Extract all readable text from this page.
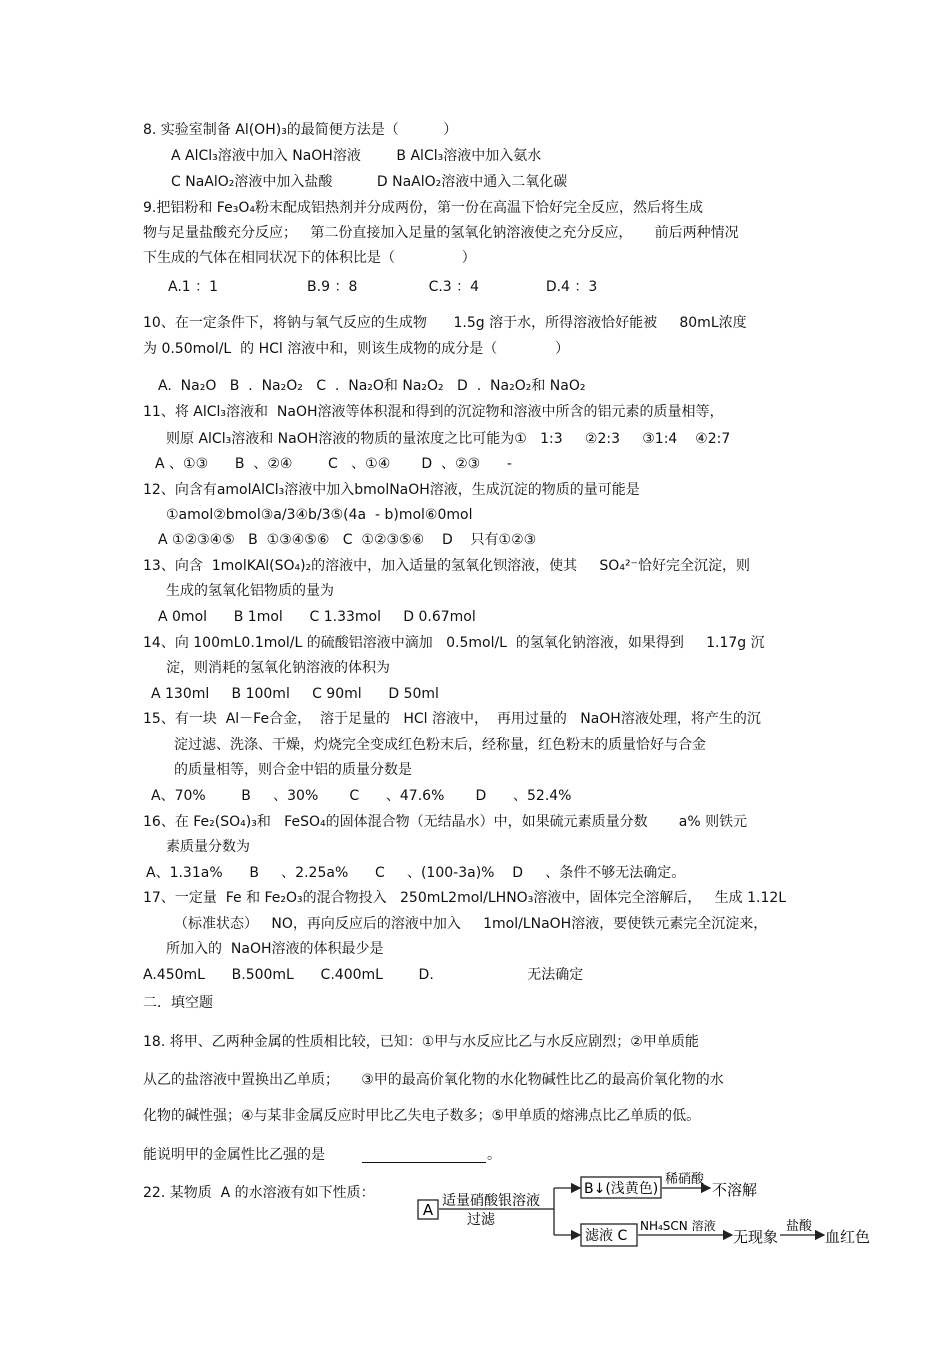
8. 实验室制备 Al(OH)₃的最简便方法是（          ）
A AlCl₃溶液中加入 NaOH溶液        B AlCl₃溶液中加入氨水
C NaAlO₂溶液中加入盐酸          D NaAlO₂溶液中通入二氧化碳
9.把铝粉和 Fe₃O₄粉末配成铝热剂并分成两份，第一份在高温下恰好完全反应，然后将生成
物与足量盐酸充分反应；   第二份直接加入足量的氢氧化钠溶液使之充分反应，     前后两种情况
下生成的气体在相同状况下的体积比是（               ）
A.1 ：1                    B.9 ：8                C.3 ：4               D.4 ：3
10、在一定条件下，将钠与氧气反应的生成物      1.5g 溶于水，所得溶液恰好能被     80mL浓度
为 0.50mol/L  的 HCl 溶液中和，则该生成物的成分是（             ）
A.  Na₂O   B  .  Na₂O₂   C  .  Na₂O和 Na₂O₂   D  .  Na₂O₂和 NaO₂
11、将 AlCl₃溶液和  NaOH溶液等体积混和得到的沉淀物和溶液中所含的铝元素的质量相等，
则原 AlCl₃溶液和 NaOH溶液的物质的量浓度之比可能为①   1:3     ②2:3     ③1:4    ④2:7
A 、①③      B  、②④        C   、①④       D  、②③      -
12、向含有amolAlCl₃溶液中加入bmolNaOH溶液，生成沉淀的物质的量可能是
①amol②bmol③a/3④b/3⑤(4a  - b)mol⑥0mol
A ①②③④⑤   B  ①③④⑤⑥   C  ①②③⑤⑥    D    只有①②③
13、向含  1molKAl(SO₄)₂的溶液中，加入适量的氢氧化钡溶液，使其     SO₄²⁻恰好完全沉淀，则
生成的氢氧化铝物质的量为
A 0mol      B 1mol      C 1.33mol     D 0.67mol
14、向 100mL0.1mol/L 的硫酸铝溶液中滴加   0.5mol/L  的氢氧化钠溶液，如果得到     1.17g 沉
淀，则消耗的氢氧化钠溶液的体积为
A 130ml     B 100ml     C 90ml      D 50ml
15、有一块  Al－Fe合金，  溶于足量的   HCl 溶液中，  再用过量的   NaOH溶液处理，将产生的沉
淀过滤、洗涤、干燥，灼烧完全变成红色粉末后，经称量，红色粉末的质量恰好与合金
的质量相等，则合金中铝的质量分数是
A、70%        B     、30%       C      、47.6%       D      、52.4%
16、在 Fe₂(SO₄)₃和   FeSO₄的固体混合物（无结晶水）中，如果硫元素质量分数       a% 则铁元
素质量分数为
A、1.31a%      B     、2.25a%      C     、(100-3a)%    D     、条件不够无法确定。
17、一定量  Fe 和 Fe₂O₃的混合物投入   250mL2mol/LHNO₃溶液中，固体完全溶解后，   生成 1.12L
（标准状态）   NO，再向反应后的溶液中加入     1mol/LNaOH溶液，要使铁元素完全沉淀来，
所加入的  NaOH溶液的体积最少是
A.450mL      B.500mL      C.400mL        D.                     无法确定
二．填空题
18. 将甲、乙两种金属的性质相比较，已知：①甲与水反应比乙与水反应剧烈；②甲单质能
从乙的盐溶液中置换出乙单质；     ③甲的最高价氧化物的水化物碱性比乙的最高价氧化物的水
化物的碱性强；④与某非金属反应时甲比乙失电子数多；⑤甲单质的熔沸点比乙单质的低。
能说明甲的金属性比乙强的是	。
22. 某物质  A 的水溶液有如下性质：
A 适量硝酸银溶液
过滤
B↓(浅黄色)
稀硝酸
不溶解
滤液 C
NH₄SCN 溶液
无现象
盐酸
血红色
